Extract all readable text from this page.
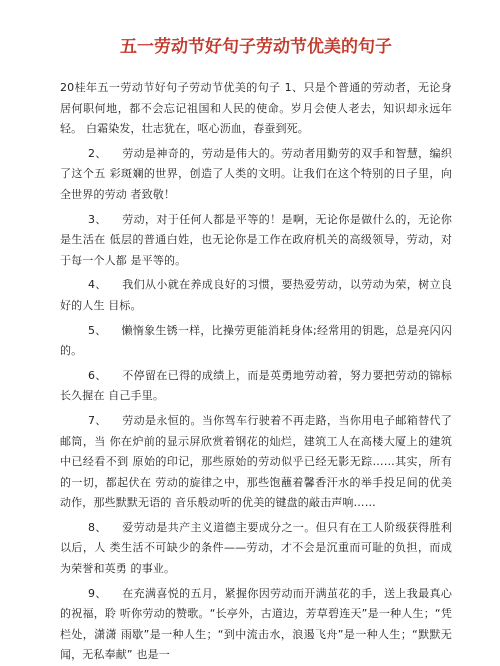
五一劳动节好句子劳动节优美的句子

20桂年五一劳动节好句子劳动节优美的句子 1、只是个普通的劳动者，无论身 居何职何地，都不会忘记祖国和人民的使命。岁月会使人老去，知识却永远年轻。 白霜染发，壮志犹在，呕心沥血，春蚕到死。

2、 劳动是神奇的，劳动是伟大的。劳动者用勤劳的双手和智慧，编织了这个五 彩斑斓的世界，创造了人类的文明。让我们在这个特别的日子里，向全世界的劳动 者致敬！

3、 劳动，对于任何人都是平等的！是啊，无论你是做什么的，无论你是生活在 低层的普通白姓，也无论你是工作在政府机关的高级领导，劳动，对于每一个人都 是平等的。

4、 我们从小就在养成良好的习惯，要热爱劳动，以劳动为荣，树立良好的人生 目标。

5、 懒惰象生锈一样，比操劳更能消耗身体;经常用的钥匙，总是亮闪闪的。

6、 不停留在已得的成绩上，而是英勇地劳动着，努力要把劳动的锦标长久握在 自己手里。

7、 劳动是永恒的。当你驾车行驶着不再走路，当你用电子邮箱替代了邮筒，当 你在炉前的显示屏欣赏着钢花的灿烂，建筑工人在高楼大厦上的建筑中已经看不到 原始的印记，那些原始的劳动似乎已经无影无踪……其实，所有的一切，都起伏在 劳动的旋律之中，那些饱蘸着馨香汗水的举手投足间的优美动作，那些默默无语的 音乐般动听的优美的键盘的敲击声响……

8、 爱劳动是共产主义道德主要成分之一。但只有在工人阶级获得胜利以后，人 类生活不可缺少的条件——劳动，才不会是沉重而可耻的负担，而成为荣誉和英勇 的事业。

9、 在充满喜悦的五月，紧握你因劳动而开满茧花的手，送上我最真心的祝福，聆 听你劳动的赞歌。“长亭外，古道边，芳草碧连天”是一种人生；“凭栏处，潇潇 雨歇”是一种人生；“到中流击水，浪遏飞舟”是一种人生；“默默无闻，无私奉献” 也是一
